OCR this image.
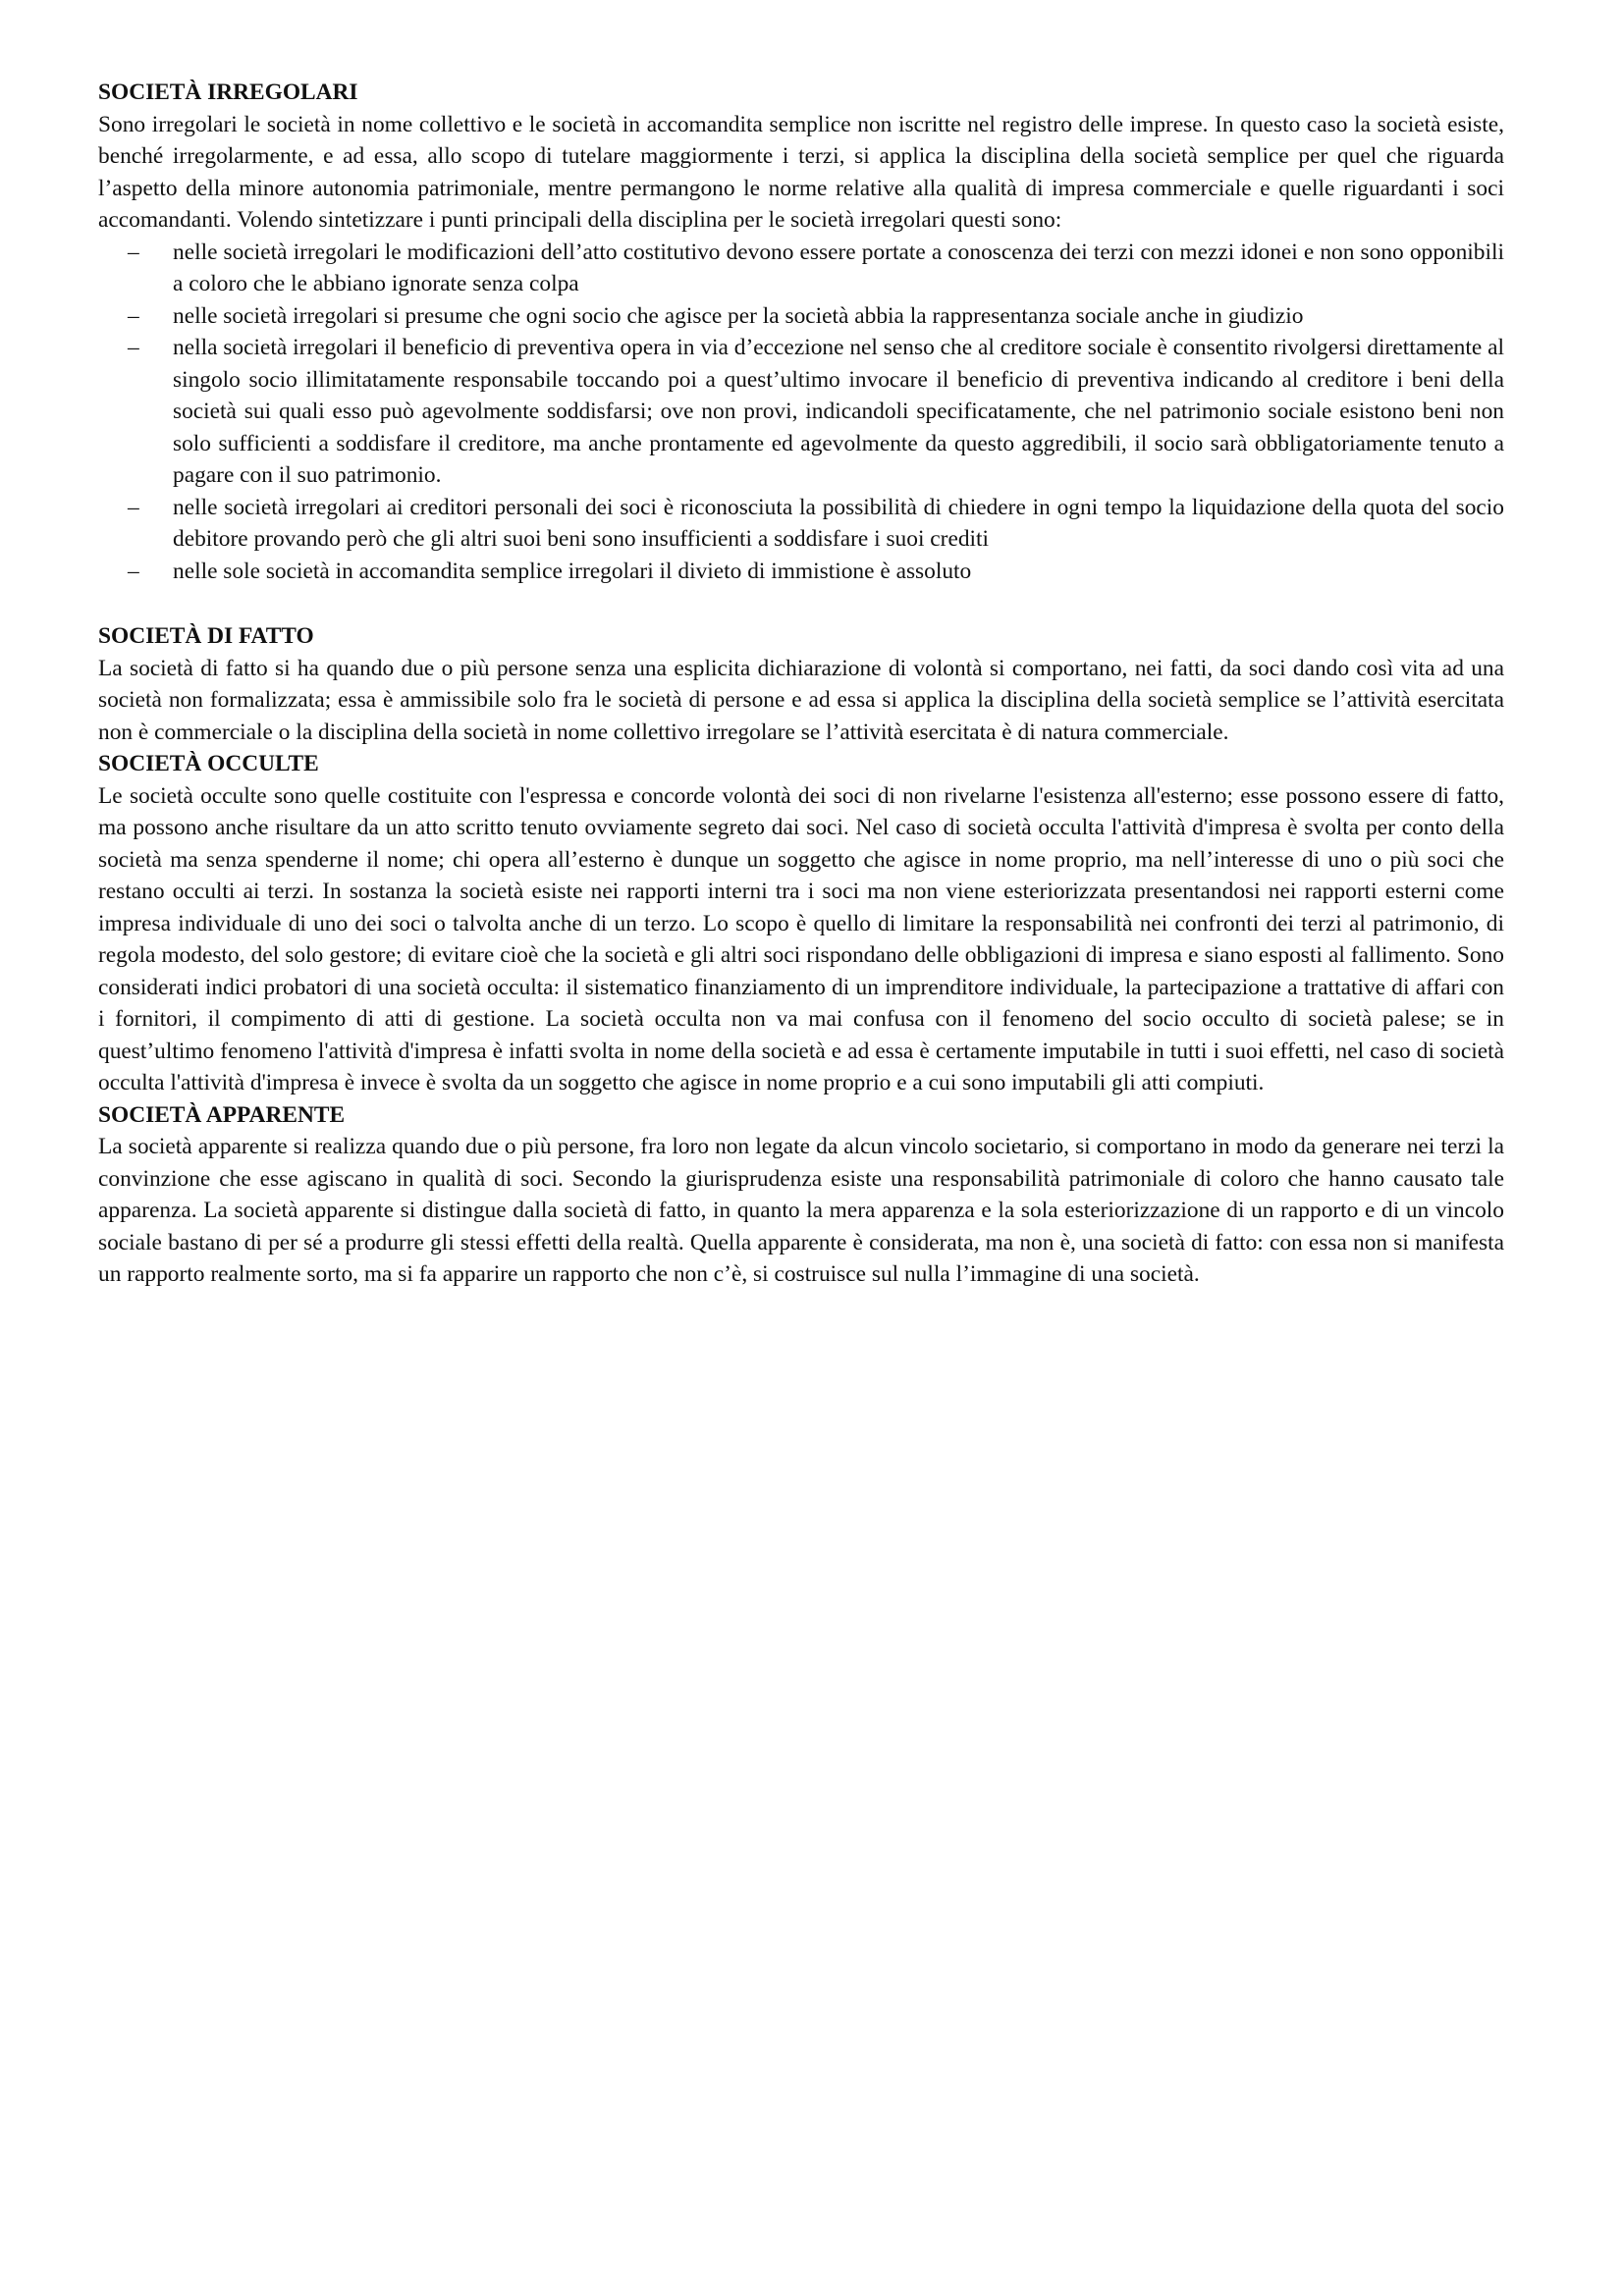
SOCIETÀ IRREGOLARI

Sono irregolari le società in nome collettivo e le società in accomandita semplice non iscritte nel registro delle imprese. In questo caso la società esiste, benché irregolarmente, e ad essa, allo scopo di tutelare maggiormente i terzi, si applica la disciplina della società semplice per quel che riguarda l’aspetto della minore autonomia patrimoniale, mentre permangono le norme relative alla qualità di impresa commerciale e quelle riguardanti i soci accomandanti. Volendo sintetizzare i punti principali della disciplina per le società irregolari questi sono:

– nelle società irregolari le modificazioni dell’atto costitutivo devono essere portate a conoscenza dei terzi con mezzi idonei e non sono opponibili a coloro che le abbiano ignorate senza colpa
– nelle società irregolari si presume che ogni socio che agisce per la società abbia la rappresentanza sociale anche in giudizio
– nella società irregolari il beneficio di preventiva opera in via d’eccezione nel senso che al creditore sociale è consentito rivolgersi direttamente al singolo socio illimitatamente responsabile toccando poi a quest’ultimo invocare il beneficio di preventiva indicando al creditore i beni della società sui quali esso può agevolmente soddisfarsi; ove non provi, indicandoli specificatamente, che nel patrimonio sociale esistono beni non solo sufficienti a soddisfare il creditore, ma anche prontamente ed agevolmente da questo aggredibili, il socio sarà obbligatoriamente tenuto a pagare con il suo patrimonio.
– nelle società irregolari ai creditori personali dei soci è riconosciuta la possibilità di chiedere in ogni tempo la liquidazione della quota del socio debitore provando però che gli altri suoi beni sono insufficienti a soddisfare i suoi crediti
– nelle sole società in accomandita semplice irregolari il divieto di immistione è assoluto

SOCIETÀ DI FATTO

La società di fatto si ha quando due o più persone senza una esplicita dichiarazione di volontà si comportano, nei fatti, da soci dando così vita ad una società non formalizzata; essa è ammissibile solo fra le società di persone e ad essa si applica la disciplina della società semplice se l’attività esercitata non è commerciale o la disciplina della società in nome collettivo irregolare se l’attività esercitata è di natura commerciale.

SOCIETÀ OCCULTE

Le società occulte sono quelle costituite con l'espressa e concorde volontà dei soci di non rivelarne l'esistenza all'esterno; esse possono essere di fatto, ma possono anche risultare da un atto scritto tenuto ovviamente segreto dai soci. Nel caso di società occulta l'attività d'impresa è svolta per conto della società ma senza spenderne il nome; chi opera all’esterno è dunque un soggetto che agisce in nome proprio, ma nell’interesse di uno o più soci che restano occulti ai terzi. In sostanza la società esiste nei rapporti interni tra i soci ma non viene esteriorizzata presentandosi nei rapporti esterni come impresa individuale di uno dei soci o talvolta anche di un terzo. Lo scopo è quello di limitare la responsabilità nei confronti dei terzi al patrimonio, di regola modesto, del solo gestore; di evitare cioè che la società e gli altri soci rispondano delle obbligazioni di impresa e siano esposti al fallimento. Sono considerati indici probatori di una società occulta: il sistematico finanziamento di un imprenditore individuale, la partecipazione a trattative di affari con i fornitori, il compimento di atti di gestione. La società occulta non va mai confusa con il fenomeno del socio occulto di società palese; se in quest’ultimo fenomeno l'attività d'impresa è infatti svolta in nome della società e ad essa è certamente imputabile in tutti i suoi effetti, nel caso di società occulta l'attività d'impresa è invece è svolta da un soggetto che agisce in nome proprio e a cui sono imputabili gli atti compiuti.

SOCIETÀ APPARENTE

La società apparente si realizza quando due o più persone, fra loro non legate da alcun vincolo societario, si comportano in modo da generare nei terzi la convinzione che esse agiscano in qualità di soci. Secondo la giurisprudenza esiste una responsabilità patrimoniale di coloro che hanno causato tale apparenza. La società apparente si distingue dalla società di fatto, in quanto la mera apparenza e la sola esteriorizzazione di un rapporto e di un vincolo sociale bastano di per sé a produrre gli stessi effetti della realtà. Quella apparente è considerata, ma non è, una società di fatto: con essa non si manifesta un rapporto realmente sorto, ma si fa apparire un rapporto che non c’è, si costruisce sul nulla l’immagine di una società.
